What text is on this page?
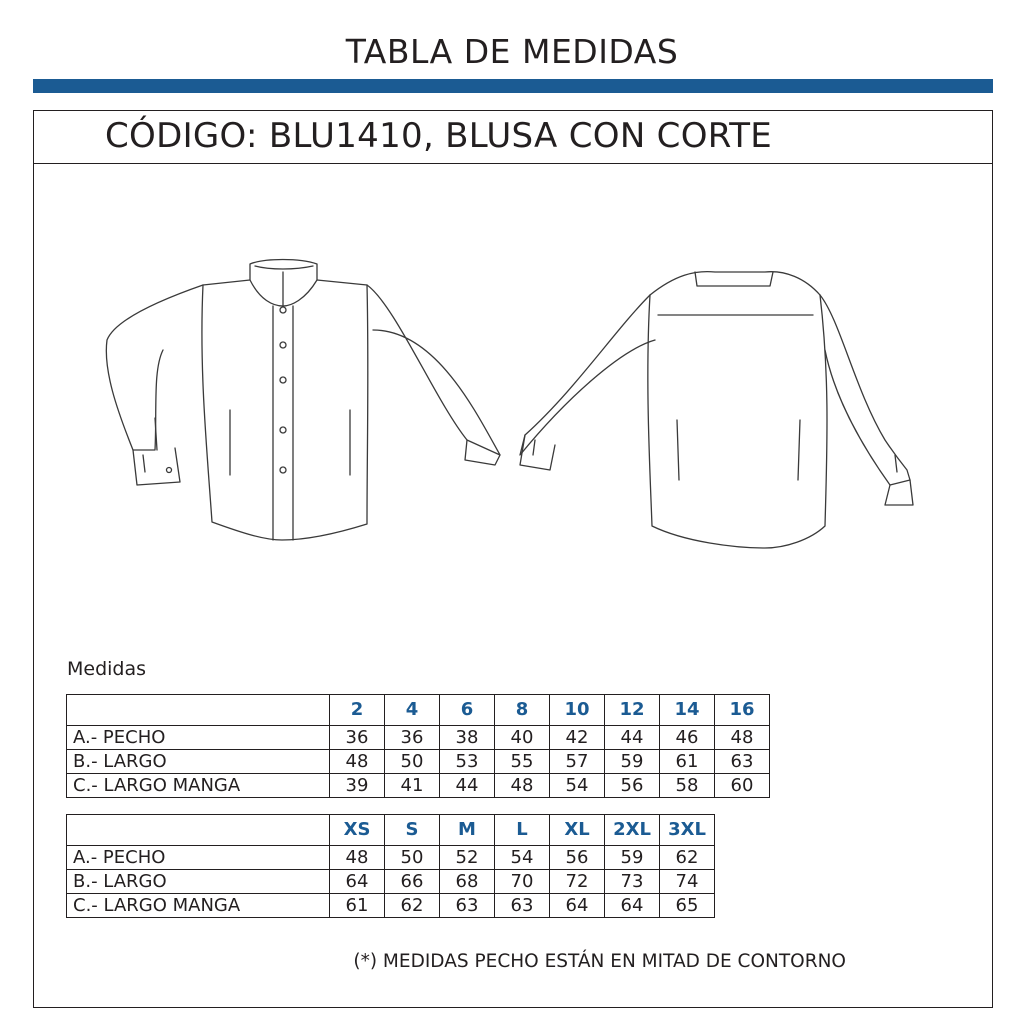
TABLA DE MEDIDAS
CÓDIGO: BLU1410, BLUSA CON CORTE
Medidas
	2	4	6	8	10	12	14	16
A.- PECHO	36	36	38	40	42	44	46	48
B.- LARGO	48	50	53	55	57	59	61	63
C.- LARGO MANGA	39	41	44	48	54	56	58	60
	XS	S	M	L	XL	2XL	3XL
A.- PECHO	48	50	52	54	56	59	62
B.- LARGO	64	66	68	70	72	73	74
C.- LARGO MANGA	61	62	63	63	64	64	65
(*) MEDIDAS PECHO ESTÁN EN MITAD DE CONTORNO
